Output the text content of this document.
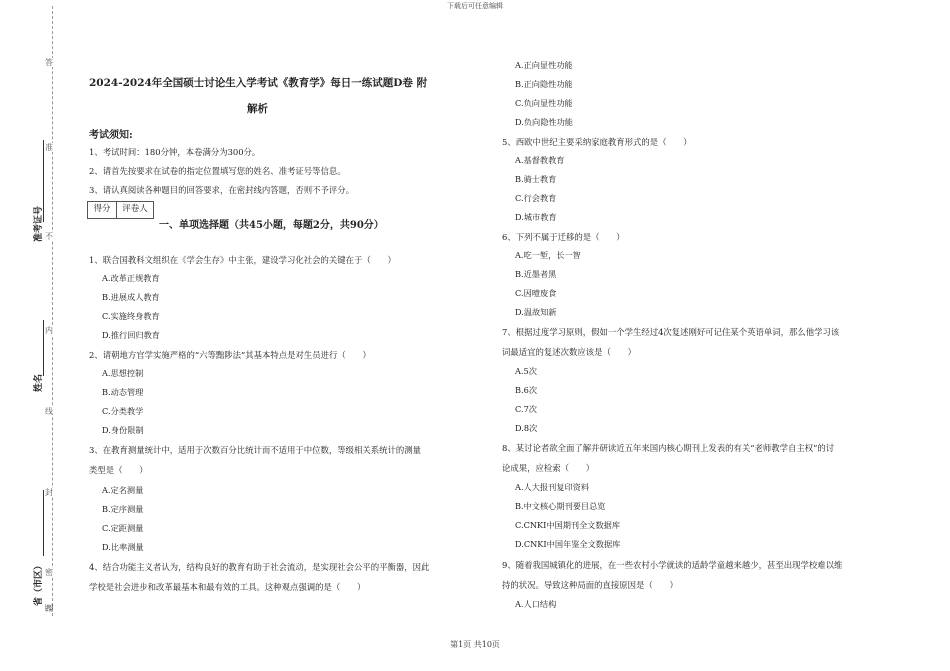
下载后可任意编辑
答
准
不
内
线
封
密
准考证号
姓名
省（市区）
题
2024-2024年全国硕士讨论生入学考试《教育学》每日一练试题D卷 附
解析
考试须知:
1、考试时间：180分钟，本卷满分为300分。
2、请首先按要求在试卷的指定位置填写您的姓名、准考证号等信息。
3、请认真阅读各种题目的回答要求，在密封线内答题，否则不予评分。
得分	评卷人
一、单项选择题（共45小题，每题2分，共90分）
1、联合国教科文组织在《学会生存》中主张，建设学习化社会的关键在于（　　）
A.改革正规教育
B.进展成人教育
C.实施终身教育
D.推行回归教育
2、请朝地方官学实施严格的“六等黜陟法”其基本特点是对生员进行（　　）
A.思想控制
B.动态管理
C.分类教学
D.身份限制
3、在教育测量统计中，适用于次数百分比统计而不适用于中位数，等级相关系统计的测量
类型是（　　）
A.定名测量
B.定序测量
C.定距测量
D.比率测量
4、结合功能主义者认为，结构良好的教育有助于社会流动，是实现社会公平的平衡器，因此
学校是社会进步和改革最基本和最有效的工具。这种观点强调的是（　　）
A.正向显性功能
B.正向隐性功能
C.负向显性功能
D.负向隐性功能
5、西欧中世纪主要采纳家庭教育形式的是（　　）
A.基督教教育
B.骑士教育
C.行会教育
D.城市教育
6、下列不属于迁移的是（　　）
A.吃一堑，长一智
B.近墨者黑
C.因噎废食
D.温故知新
7、根据过度学习原则，假如一个学生经过4次复述刚好可记住某个英语单词，那么他学习该
词最适宜的复述次数应该是（　　）
A.5次
B.6次
C.7次
D.8次
8、某讨论者欲全面了解并研读近五年来国内核心期刊上发表的有关“老师教学自主权”的讨
论成果，应检索（　　）
A.人大报刊复印资料
B.中文核心期刊要目总览
C.CNKI中国期刊全文数据库
D.CNKI中国年鉴全文数据库
9、随着我国城镇化的进展，在一些农村小学就读的适龄学童越来越少，甚至出现学校难以维
持的状况。导致这种局面的直接原因是（　　）
A.人口结构
第1页 共10页
